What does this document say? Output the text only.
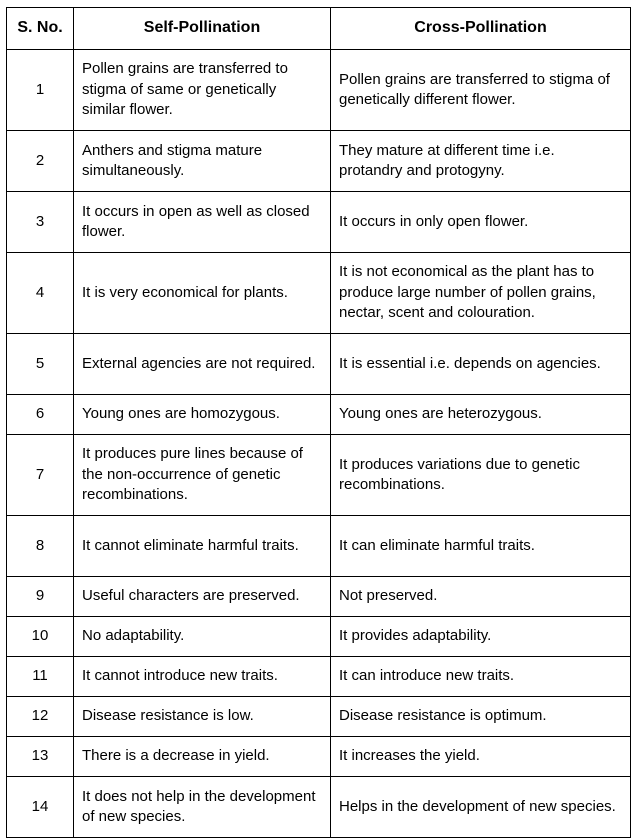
S. No.	Self-Pollination	Cross-Pollination
1	Pollen grains are transferred to stigma of same or genetically similar flower.	Pollen grains are transferred to stigma of genetically different flower.
2	Anthers and stigma mature simultaneously.	They mature at different time i.e. protandry and protogyny.
3	It occurs in open as well as closed flower.	It occurs in only open flower.
4	It is very economical for plants.	It is not economical as the plant has to produce large number of pollen grains, nectar, scent and colouration.
5	External agencies are not required.	It is essential i.e. depends on agencies.
6	Young ones are homozygous.	Young ones are heterozygous.
7	It produces pure lines because of the non-occurrence of genetic recombinations.	It produces variations due to genetic recombinations.
8	It cannot eliminate harmful traits.	It can eliminate harmful traits.
9	Useful characters are preserved.	Not preserved.
10	No adaptability.	It provides adaptability.
11	It cannot introduce new traits.	It can introduce new traits.
12	Disease resistance is low.	Disease resistance is optimum.
13	There is a decrease in yield.	It increases the yield.
14	It does not help in the development of new species.	Helps in the development of new species.
